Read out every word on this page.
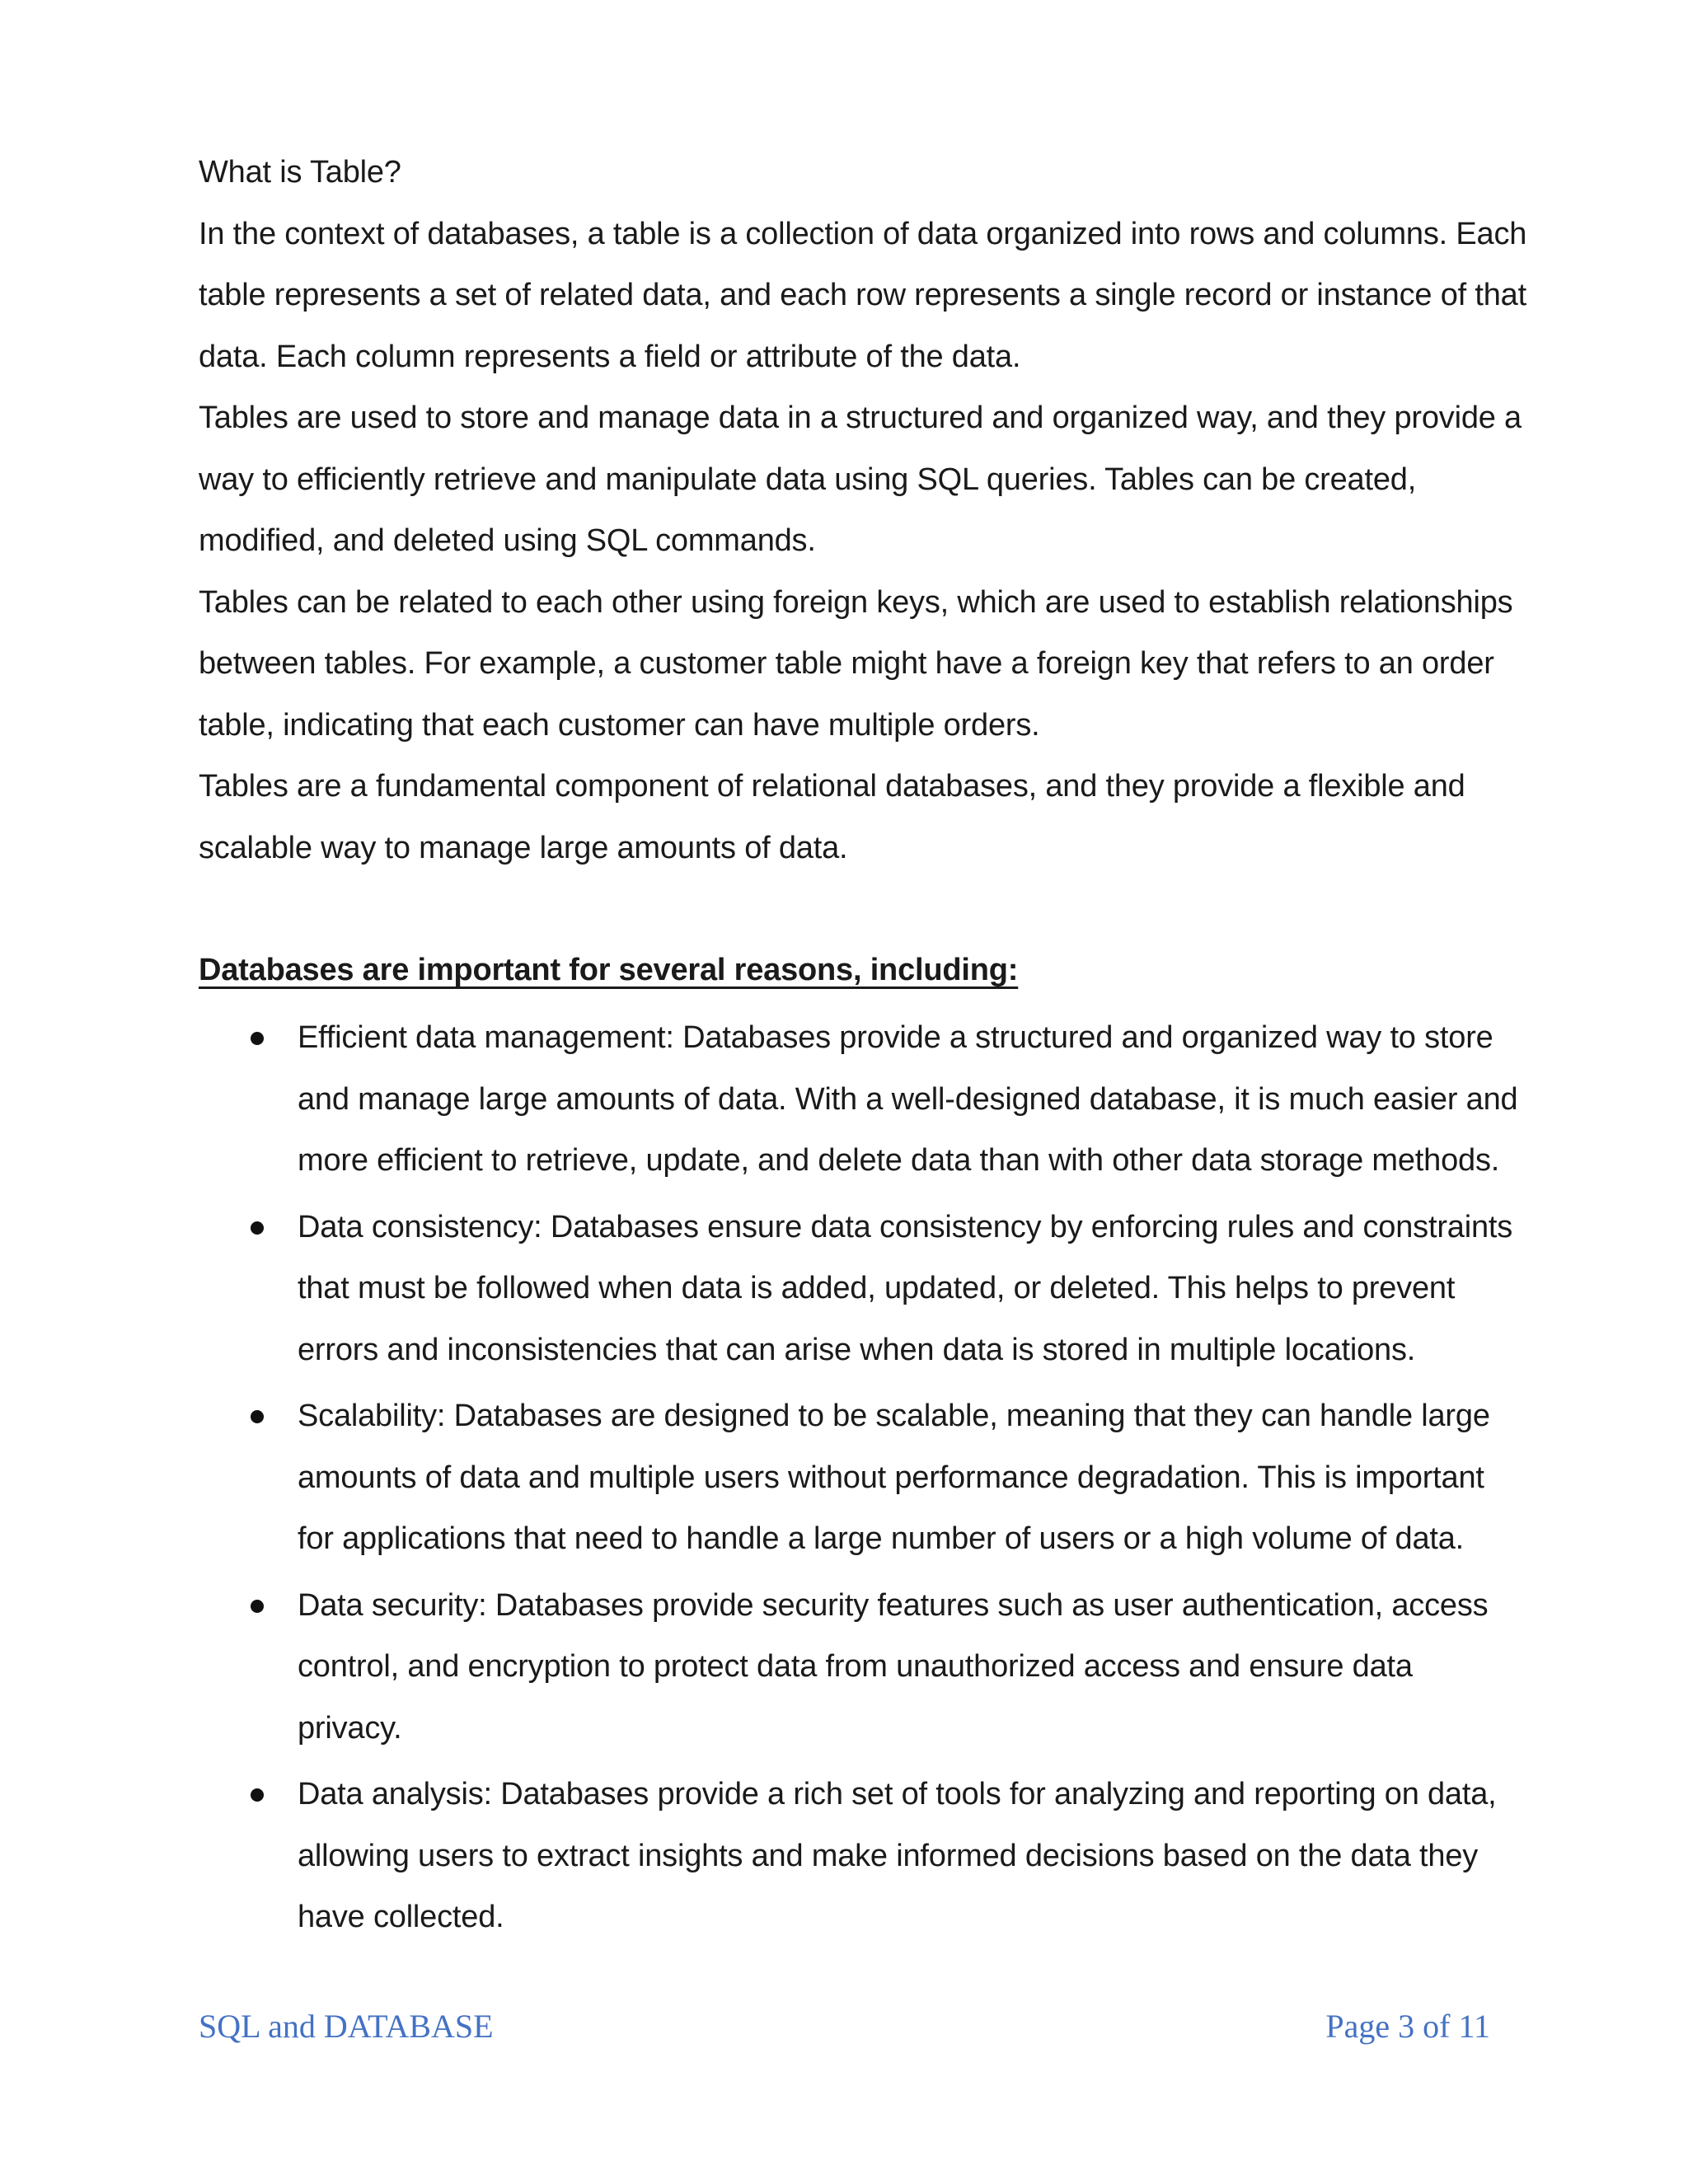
What is Table?
In the context of databases, a table is a collection of data organized into rows and columns. Each
table represents a set of related data, and each row represents a single record or instance of that
data. Each column represents a field or attribute of the data.
Tables are used to store and manage data in a structured and organized way, and they provide a
way to efficiently retrieve and manipulate data using SQL queries. Tables can be created,
modified, and deleted using SQL commands.
Tables can be related to each other using foreign keys, which are used to establish relationships
between tables. For example, a customer table might have a foreign key that refers to an order
table, indicating that each customer can have multiple orders.
Tables are a fundamental component of relational databases, and they provide a flexible and
scalable way to manage large amounts of data.
Databases are important for several reasons, including:
Efficient data management: Databases provide a structured and organized way to store
and manage large amounts of data. With a well-designed database, it is much easier and
more efficient to retrieve, update, and delete data than with other data storage methods.
Data consistency: Databases ensure data consistency by enforcing rules and constraints
that must be followed when data is added, updated, or deleted. This helps to prevent
errors and inconsistencies that can arise when data is stored in multiple locations.
Scalability: Databases are designed to be scalable, meaning that they can handle large
amounts of data and multiple users without performance degradation. This is important
for applications that need to handle a large number of users or a high volume of data.
Data security: Databases provide security features such as user authentication, access
control, and encryption to protect data from unauthorized access and ensure data
privacy.
Data analysis: Databases provide a rich set of tools for analyzing and reporting on data,
allowing users to extract insights and make informed decisions based on the data they
have collected.
SQL and DATABASE	Page 3 of 11
